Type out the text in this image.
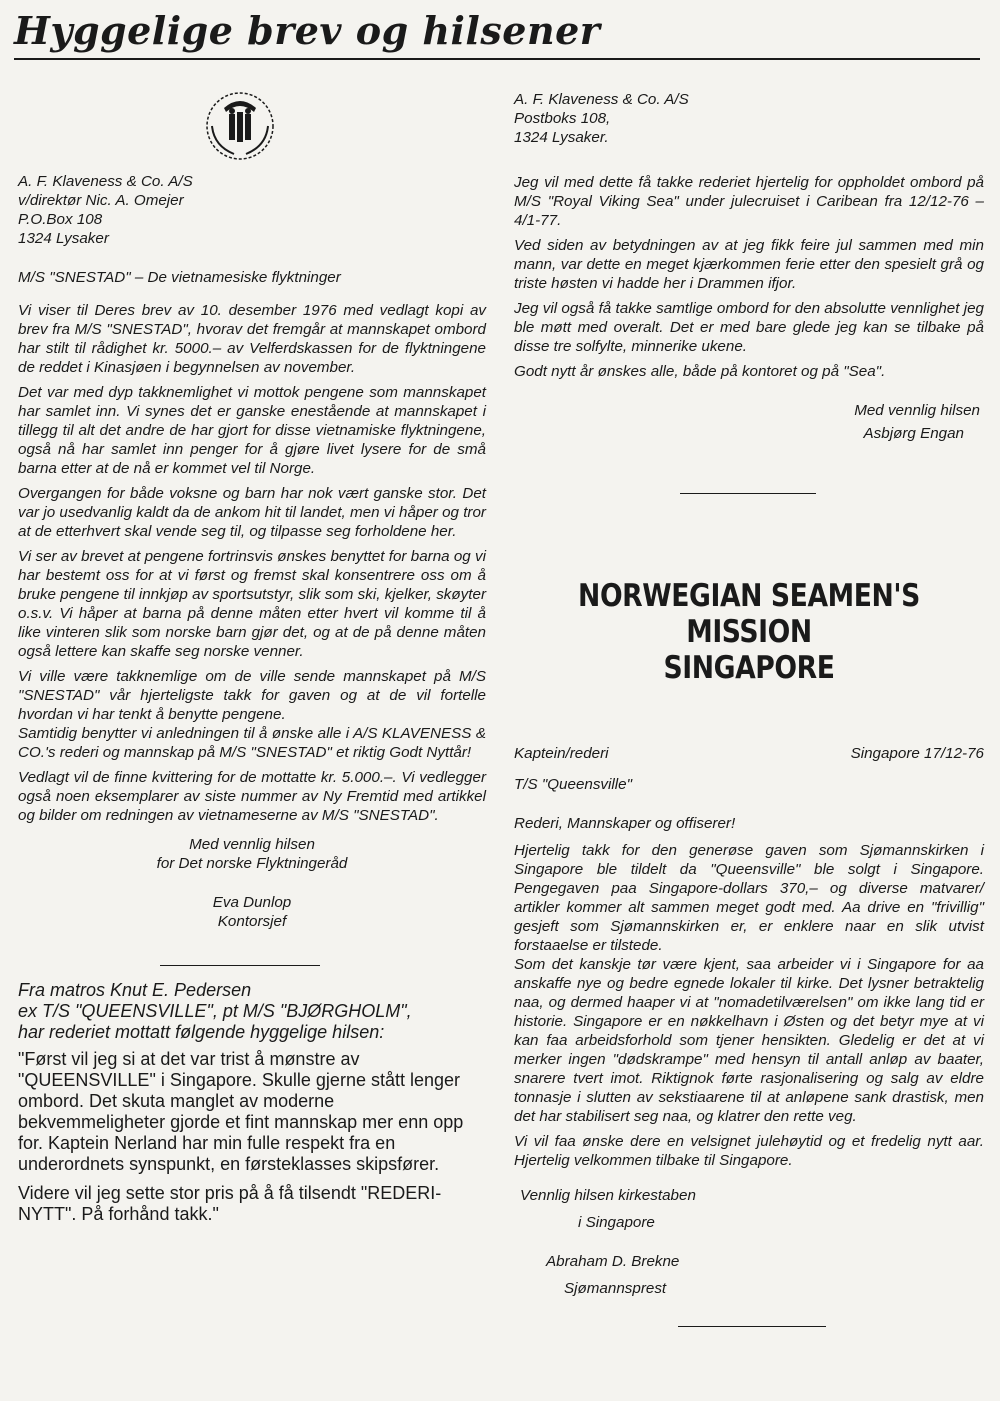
Hyggelige brev og hilsener
A. F. Klaveness & Co. A/S
v/direktør Nic. A. Omejer
P.O.Box 108
1324 Lysaker
M/S "SNESTAD" – De vietnamesiske flyktninger

Vi viser til Deres brev av 10. desember 1976 med vedlagt kopi av brev fra M/S "SNESTAD", hvorav det fremgår at mannskapet ombord har stilt til rådighet kr. 5000.– av Velferdskassen for de flyktningene de reddet i Kinasjøen i begynnelsen av november.

Det var med dyp takknemlighet vi mottok pengene som mannskapet har samlet inn. Vi synes det er ganske enestående at mannskapet i tillegg til alt det andre de har gjort for disse vietnamiske flyktningene, også nå har samlet inn penger for å gjøre livet lysere for de små barna etter at de nå er kommet vel til Norge.

Overgangen for både voksne og barn har nok vært ganske stor. Det var jo usedvanlig kaldt da de ankom hit til landet, men vi håper og tror at de etterhvert skal vende seg til, og tilpasse seg forholdene her.

Vi ser av brevet at pengene fortrinsvis ønskes benyttet for barna og vi har bestemt oss for at vi først og fremst skal konsentrere oss om å bruke pengene til innkjøp av sportsutstyr, slik som ski, kjelker, skøyter o.s.v. Vi håper at barna på denne måten etter hvert vil komme til å like vinteren slik som norske barn gjør det, og at de på denne måten også lettere kan skaffe seg norske venner.

Vi ville være takknemlige om de ville sende mannskapet på M/S "SNESTAD" vår hjerteligste takk for gaven og at de vil fortelle hvordan vi har tenkt å benytte pengene.

Samtidig benytter vi anledningen til å ønske alle i A/S KLAVENESS & CO.'s rederi og mannskap på M/S "SNESTAD" et riktig Godt Nyttår!

Vedlagt vil de finne kvittering for de mottatte kr. 5.000.–. Vi vedlegger også noen eksemplarer av siste nummer av Ny Fremtid med artikkel og bilder om redningen av vietnameserne av M/S "SNESTAD".

Med vennlig hilsen
for Det norske Flyktningeråd
Eva Dunlop
Kontorsjef
Fra matros Knut E. Pedersen
ex T/S "QUEENSVILLE", pt M/S "BJØRGHOLM",
har rederiet mottatt følgende hyggelige hilsen:

"Først vil jeg si at det var trist å mønstre av "QUEENSVILLE" i Singapore. Skulle gjerne stått lenger ombord. Det skuta manglet av moderne bekvemmeligheter gjorde et fint mannskap mer enn opp for. Kaptein Nerland har min fulle respekt fra en underordnets synspunkt, en førsteklasses skipsfører.

Videre vil jeg sette stor pris på å få tilsendt "REDERI-NYTT". På forhånd takk."

A. F. Klaveness & Co. A/S
Postboks 108,
1324 Lysaker.

Jeg vil med dette få takke rederiet hjertelig for oppholdet ombord på M/S "Royal Viking Sea" under julecruiset i Caribean fra 12/12-76 – 4/1-77.

Ved siden av betydningen av at jeg fikk feire jul sammen med min mann, var dette en meget kjærkommen ferie etter den spesielt grå og triste høsten vi hadde her i Drammen ifjor.

Jeg vil også få takke samtlige ombord for den absolutte vennlighet jeg ble møtt med overalt. Det er med bare glede jeg kan se tilbake på disse tre solfylte, minnerike ukene.

Godt nytt år ønskes alle, både på kontoret og på "Sea".

Med vennlig hilsen
Asbjørg Engan
NORWEGIAN SEAMEN'S MISSION
SINGAPORE
Kaptein/rederi	Singapore 17/12-76
T/S "Queensville"
Rederi, Mannskaper og offiserer!

Hjertelig takk for den generøse gaven som Sjømannskirken i Singapore ble tildelt da "Queensville" ble solgt i Singapore. Pengegaven paa Singapore-dollars 370,– og diverse matvarer/ artikler kommer alt sammen meget godt med. Aa drive en "frivillig" gesjeft som Sjømannskirken er, er enklere naar en slik utvist forstaaelse er tilstede.

Som det kanskje tør være kjent, saa arbeider vi i Singapore for aa anskaffe nye og bedre egnede lokaler til kirke. Det lysner betraktelig naa, og dermed haaper vi at "nomadetilværelsen" om ikke lang tid er historie. Singapore er en nøkkelhavn i Østen og det betyr mye at vi kan faa arbeidsforhold som tjener hensikten. Gledelig er det at vi merker ingen "dødskrampe" med hensyn til antall anløp av baater, snarere tvert imot. Riktignok førte rasjonalisering og salg av eldre tonnasje i slutten av sekstiaarene til at anløpene sank drastisk, men det har stabilisert seg naa, og klatrer den rette veg.

Vi vil faa ønske dere en velsignet julehøytid og et fredelig nytt aar. Hjertelig velkommen tilbake til Singapore.

Vennlig hilsen kirkestaben
i Singapore
Abraham D. Brekne
Sjømannsprest
